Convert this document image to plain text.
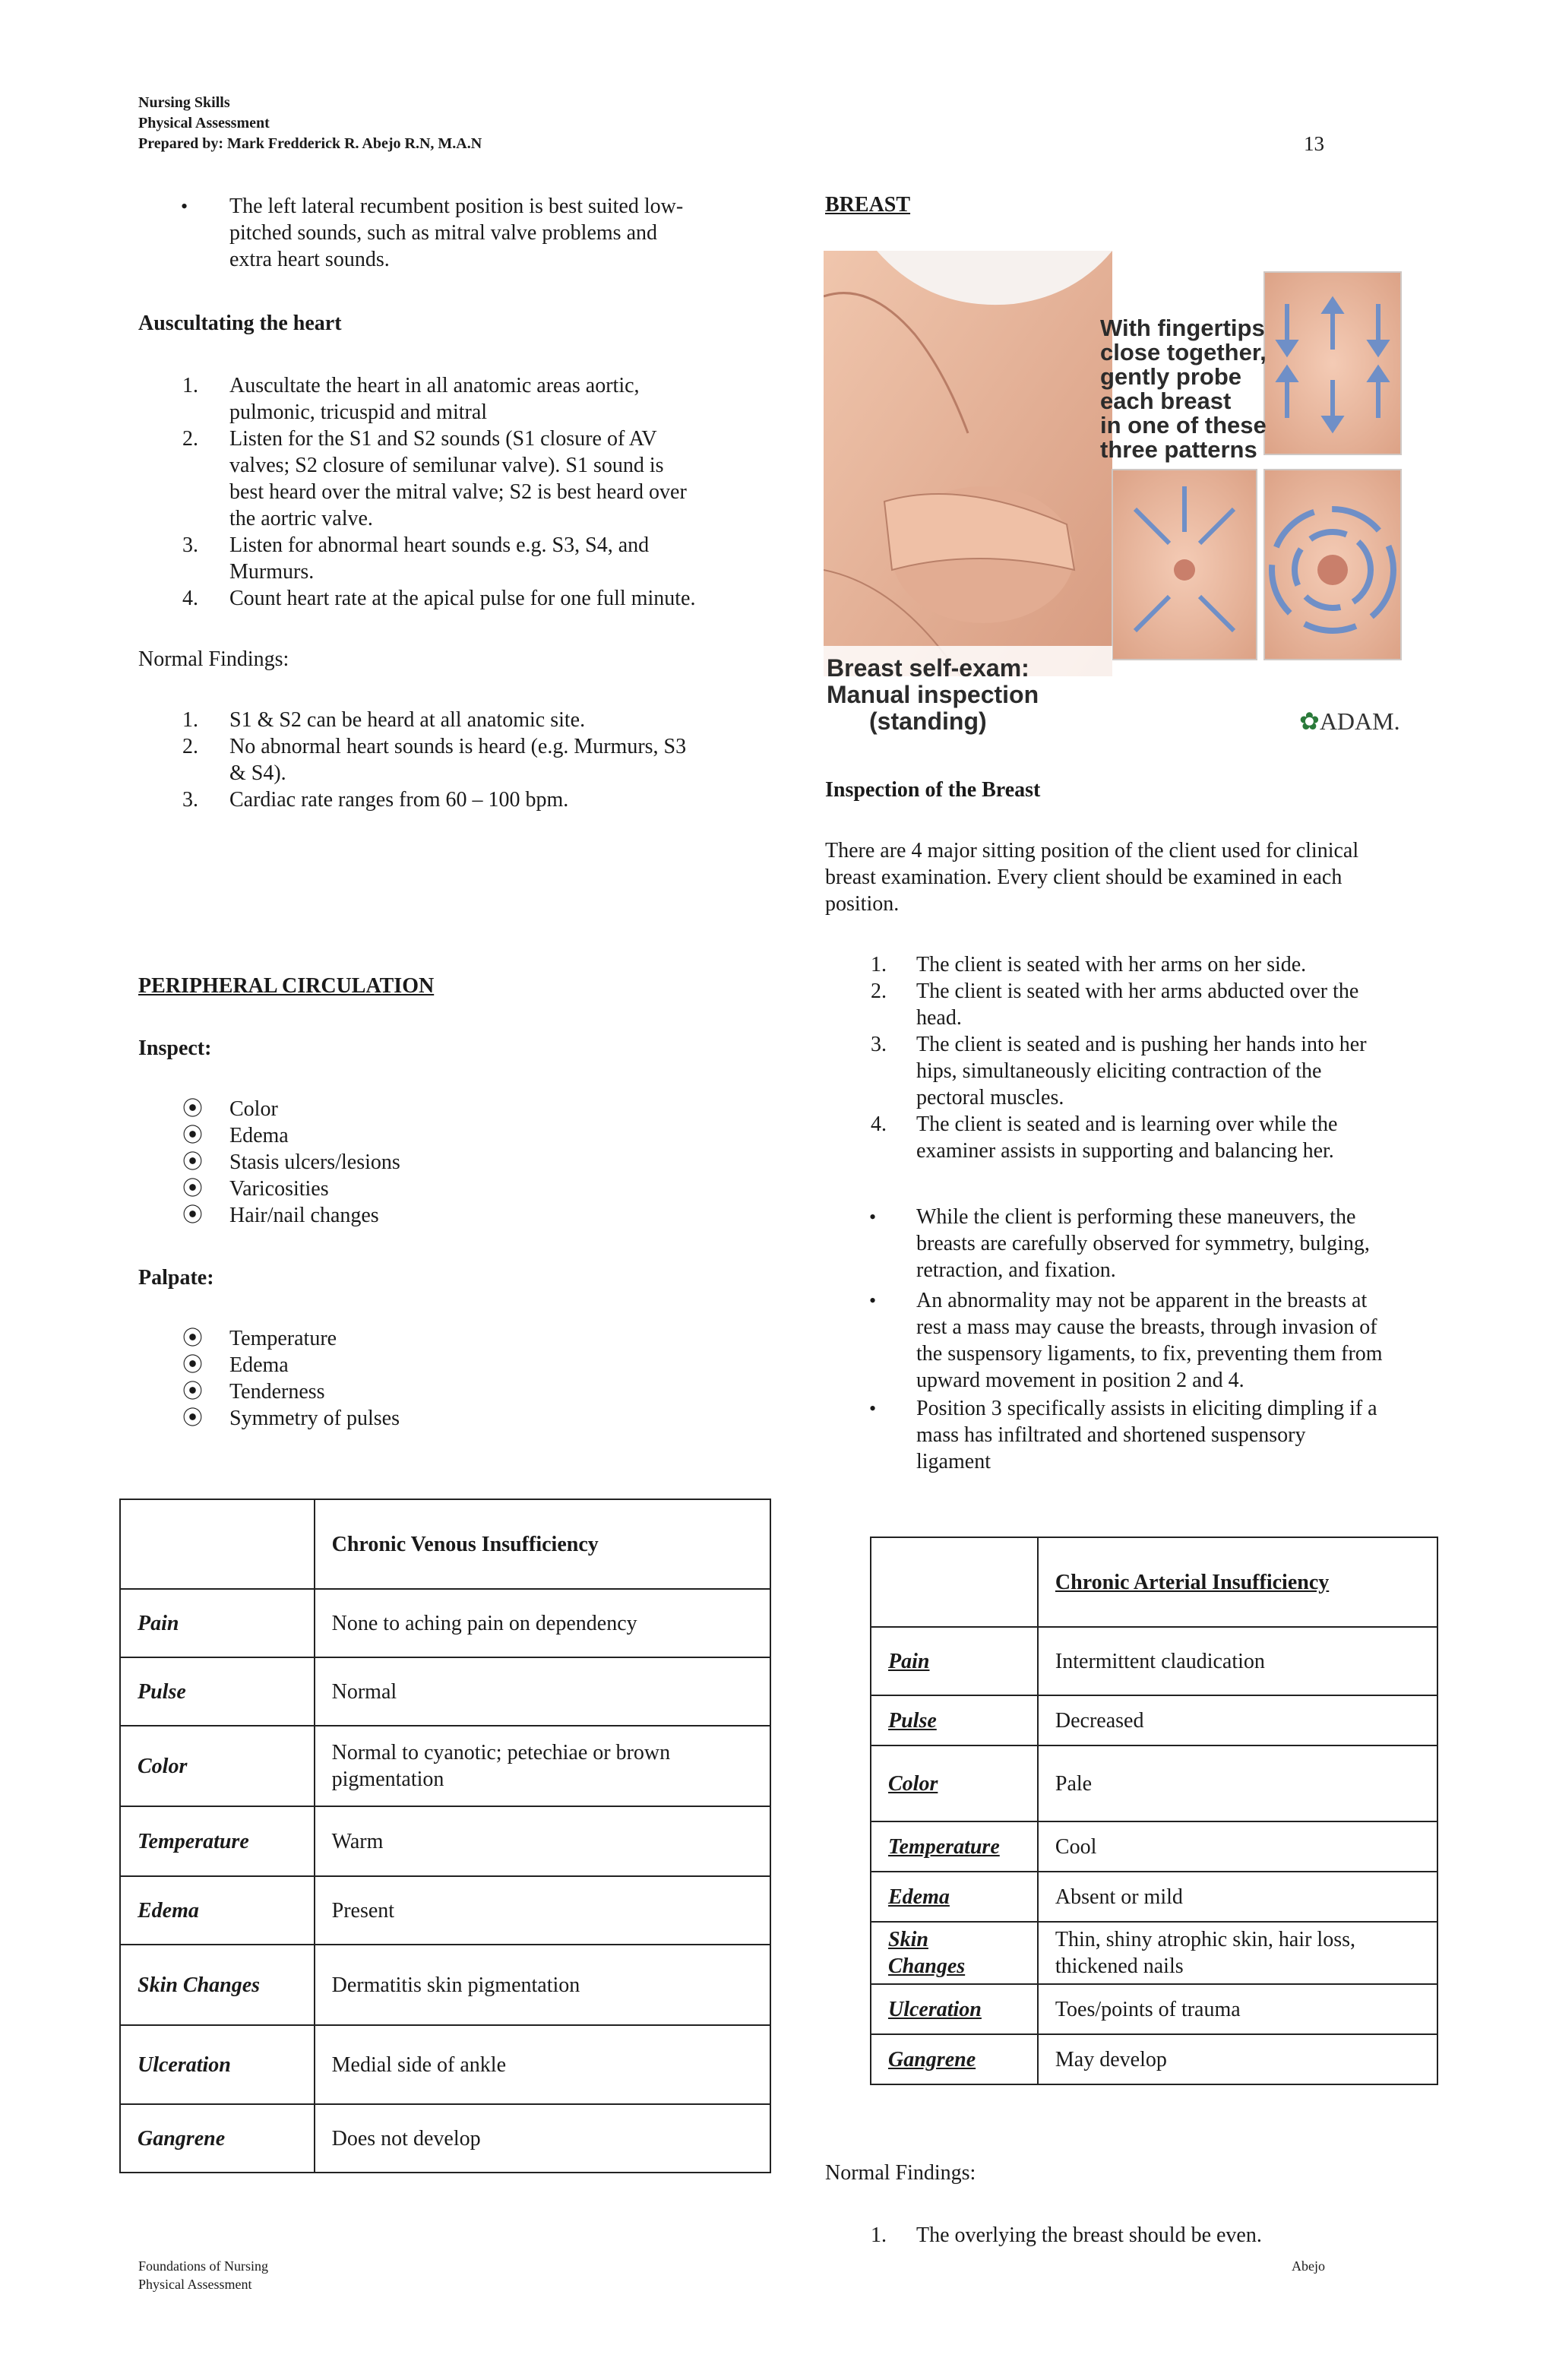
Nursing Skills
Physical Assessment
Prepared by: Mark Fredderick R. Abejo R.N, M.A.N	13
• The left lateral recumbent position is best suited low-
pitched sounds, such as mitral valve problems and
extra heart sounds.
Auscultating the heart
1. Auscultate the heart in all anatomic areas aortic,
pulmonic, tricuspid and mitral
2. Listen for the S1 and S2 sounds (S1 closure of AV
valves; S2 closure of semilunar valve). S1 sound is
best heard over the mitral valve; S2 is best heard over
the aortric valve.
3. Listen for abnormal heart sounds e.g. S3, S4, and
Murmurs.
4. Count heart rate at the apical pulse for one full minute.
Normal Findings:
1. S1 & S2 can be heard at all anatomic site.
2. No abnormal heart sounds is heard (e.g. Murmurs, S3
& S4).
3. Cardiac rate ranges from 60 – 100 bpm.
PERIPHERAL CIRCULATION
Inspect:
⦿ Color
⦿ Edema
⦿ Stasis ulcers/lesions
⦿ Varicosities
⦿ Hair/nail changes
Palpate:
⦿ Temperature
⦿ Edema
⦿ Tenderness
⦿ Symmetry of pulses
	Chronic Venous Insufficiency
Pain	None to aching pain on dependency
Pulse	Normal
Color	Normal to cyanotic; petechiae or brown pigmentation
Temperature	Warm
Edema	Present
Skin Changes	Dermatitis skin pigmentation
Ulceration	Medial side of ankle
Gangrene	Does not develop
BREAST
With fingertips
close together,
gently probe
each breast
in one of these
three patterns
Breast self-exam:
Manual inspection
(standing)	✿ADAM.
Inspection of the Breast
There are 4 major sitting position of the client used for clinical
breast examination. Every client should be examined in each
position.
1. The client is seated with her arms on her side.
2. The client is seated with her arms abducted over the
head.
3. The client is seated and is pushing her hands into her
hips, simultaneously eliciting contraction of the
pectoral muscles.
4. The client is seated and is learning over while the
examiner assists in supporting and balancing her.
• While the client is performing these maneuvers, the
breasts are carefully observed for symmetry, bulging,
retraction, and fixation.
• An abnormality may not be apparent in the breasts at
rest a mass may cause the breasts, through invasion of
the suspensory ligaments, to fix, preventing them from
upward movement in position 2 and 4.
• Position 3 specifically assists in eliciting dimpling if a
mass has infiltrated and shortened suspensory
ligament
	Chronic Arterial Insufficiency
Pain	Intermittent claudication
Pulse	Decreased
Color	Pale
Temperature	Cool
Edema	Absent or mild
Skin Changes	Thin, shiny atrophic skin, hair loss, thickened nails
Ulceration	Toes/points of trauma
Gangrene	May develop
Normal Findings:
1. The overlying the breast should be even.
Foundations of Nursing
Physical Assessment
Abejo
